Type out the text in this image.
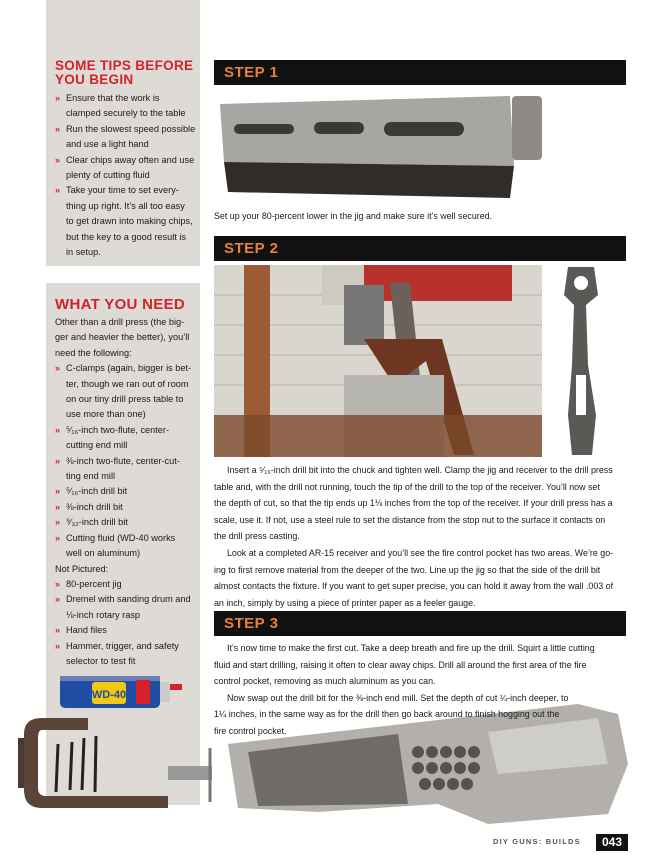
SOME TIPS BEFORE

YOU BEGIN

» Ensure that the work is
clamped securely to the table
» Run the slowest speed possible
and use a light hand
» Clear chips away often and use
plenty of cutting fluid
» Take your time to set every-
thing up right. It’s all too easy
to get drawn into making chips,
but the key to a good result is
in setup.

WHAT YOU NEED

Other than a drill press (the big-
ger and heavier the better), you’ll
need the following:

» C-clamps (again, bigger is bet-
ter, though we ran out of room
on our tiny drill press table to
use more than one)
» ⁵⁄₁₆-inch two-flute, center-
cutting end mill
» ⅜-inch two-flute, center-cut-
ting end mill
» ⁵⁄₁₆-inch drill bit
» ⅜-inch drill bit
» ⁹⁄₃₂-inch drill bit
» Cutting fluid (WD-40 works
well on aluminum)

Not Pictured:

» 80-percent jig
» Dremel with sanding drum and
⅛-inch rotary rasp
» Hand files
» Hammer, trigger, and safety
selector to test fit
WD-40
STEP 1
Set up your 80-percent lower in the jig and make sure it’s well secured.
STEP 2

Insert a ⁵⁄₁₆-inch drill bit into the chuck and tighten well. Clamp the jig and receiver to the drill press
table and, with the drill not running, touch the tip of the drill to the top of the receiver. You’ll now set
the depth of cut, so that the tip ends up 1⅛ inches from the top of the receiver. If your drill press has a
scale, use it. If not, use a steel rule to set the distance from the stop nut to the surface it contacts on
the drill press casting.

Look at a completed AR-15 receiver and you’ll see the fire control pocket has two areas. We’re go-
ing to first remove material from the deeper of the two. Line up the jig so that the side of the drill bit
almost contacts the fixture. If you want to get super precise, you can hold it away from the wall .003 of
an inch, simply by using a piece of printer paper as a feeler gauge.

STEP 3

It’s now time to make the first cut. Take a deep breath and fire up the drill. Squirt a little cutting
fluid and start drilling, raising it often to clear away chips. Drill all around the first area of the fire
control pocket, removing as much aluminum as you can.

Now swap out the drill bit for the ⅜-inch end mill. Set the depth of cut ¼-inch deeper, to
1¼ inches, in the same way as for the drill then go back around to finish hogging out the
fire control pocket.

DIY GUNS: BUILDS	043
